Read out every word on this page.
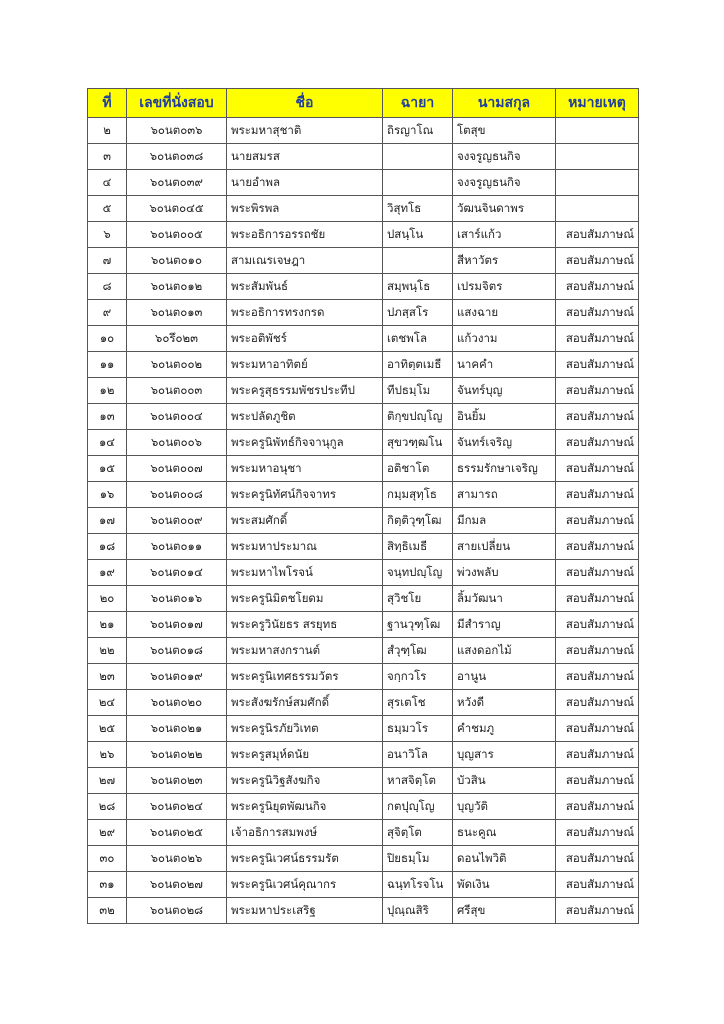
ที่	เลขที่นั่งสอบ	ชื่อ	ฉายา	นามสกุล	หมายเหตุ
๒	๖๐นต๐๓๖	พระมหาสุชาติ	ถิรญาโณ	โตสุข	
๓	๖๐นต๐๓๘	นายสมรส		จงจรูญธนกิจ	
๔	๖๐นต๐๓๙	นายอำพล		จงจรูญธนกิจ	
๕	๖๐นต๐๔๕	พระพิรพล	วิสุทโธ	วัฒนจินดาพร	
๖	๖๐นต๐๐๕	พระอธิการอรรถชัย	ปสนฺโน	เสาร์แก้ว	สอบสัมภาษณ์
๗	๖๐นต๐๑๐	สามเณรเจษฎา		สีหาวัตร	สอบสัมภาษณ์
๘	๖๐นต๐๑๒	พระสัมพันธ์	สมฺพนฺโธ	เปรมจิตร	สอบสัมภาษณ์
๙	๖๐นต๐๑๓	พระอธิการทรงกรด	ปภสฺสโร	แสงฉาย	สอบสัมภาษณ์
๑๐	๖๐รึ๐๒๓	พระอติพัชร์	เตชพโล	แก้วงาม	สอบสัมภาษณ์
๑๑	๖๐นต๐๐๒	พระมหาอาทิตย์	อาทิตฺตเมธี	นาคคำ	สอบสัมภาษณ์
๑๒	๖๐นต๐๐๓	พระครูสุธรรมพัชรประทีป	ทีปธมฺโม	จันทร์บุญ	สอบสัมภาษณ์
๑๓	๖๐นต๐๐๔	พระปลัดภูชิต	ติกฺขปญฺโญ	อินยิ้ม	สอบสัมภาษณ์
๑๔	๖๐นต๐๐๖	พระครูนิพัทธ์กิจจานุกูล	สุขวฑฺฒโน	จันทร์เจริญ	สอบสัมภาษณ์
๑๕	๖๐นต๐๐๗	พระมหาอนุชา	อติชาโต	ธรรมรักษาเจริญ	สอบสัมภาษณ์
๑๖	๖๐นต๐๐๘	พระครูนิทัศน์กิจจาทร	กมฺมสุทฺโธ	สามารถ	สอบสัมภาษณ์
๑๗	๖๐นต๐๐๙	พระสมศักดิ์	กิตฺติวุฑฺโฒ	มีกมล	สอบสัมภาษณ์
๑๘	๖๐นต๐๑๑	พระมหาประมาณ	สิทฺธิเมธี	สายเปลี่ยน	สอบสัมภาษณ์
๑๙	๖๐นต๐๑๔	พระมหาไพโรจน์	จนฺทปญฺโญ	พ่วงพลับ	สอบสัมภาษณ์
๒๐	๖๐นต๐๑๖	พระครูนิมิตชโยดม	สุวิชโย	ลิ้มวัฒนา	สอบสัมภาษณ์
๒๑	๖๐นต๐๑๗	พระครูวินัยธร สรยุทธ	ฐานวุฑฺโฒ	มีสำราญ	สอบสัมภาษณ์
๒๒	๖๐นต๐๑๘	พระมหาสงกรานต์	สํวุฑฺโฒ	แสงดอกไม้	สอบสัมภาษณ์
๒๓	๖๐นต๐๑๙	พระครูนิเทศธรรมวัตร	จกฺกวโร	อานูน	สอบสัมภาษณ์
๒๔	๖๐นต๐๒๐	พระสังฆรักษ์สมศักดิ์	สุรเตโช	หวังดี	สอบสัมภาษณ์
๒๕	๖๐นต๐๒๑	พระครูนิรภัยวิเทต	ธมฺมวโร	คำชมภู	สอบสัมภาษณ์
๒๖	๖๐นต๐๒๒	พระครูสมุห์ดนัย	อนาวิโล	บุญสาร	สอบสัมภาษณ์
๒๗	๖๐นต๐๒๓	พระครูนิวิฐสังฆกิจ	หาสจิตฺโต	บัวสิน	สอบสัมภาษณ์
๒๘	๖๐นต๐๒๔	พระครูนิยุตพัฒนกิจ	กตปุญฺโญ	บุญวัติ	สอบสัมภาษณ์
๒๙	๖๐นต๐๒๕	เจ้าอธิการสมพงษ์	สุจิตฺโต	ธนะคูณ	สอบสัมภาษณ์
๓๐	๖๐นต๐๒๖	พระครูนิเวศน์ธรรมรัต	ปิยธมฺโม	ดอนไพวิติ	สอบสัมภาษณ์
๓๑	๖๐นต๐๒๗	พระครูนิเวศน์คุณากร	ฉนฺทโรจโน	พัดเงิน	สอบสัมภาษณ์
๓๒	๖๐นต๐๒๘	พระมหาประเสริฐ	ปุณฺณสิริ	ศรีสุข	สอบสัมภาษณ์
